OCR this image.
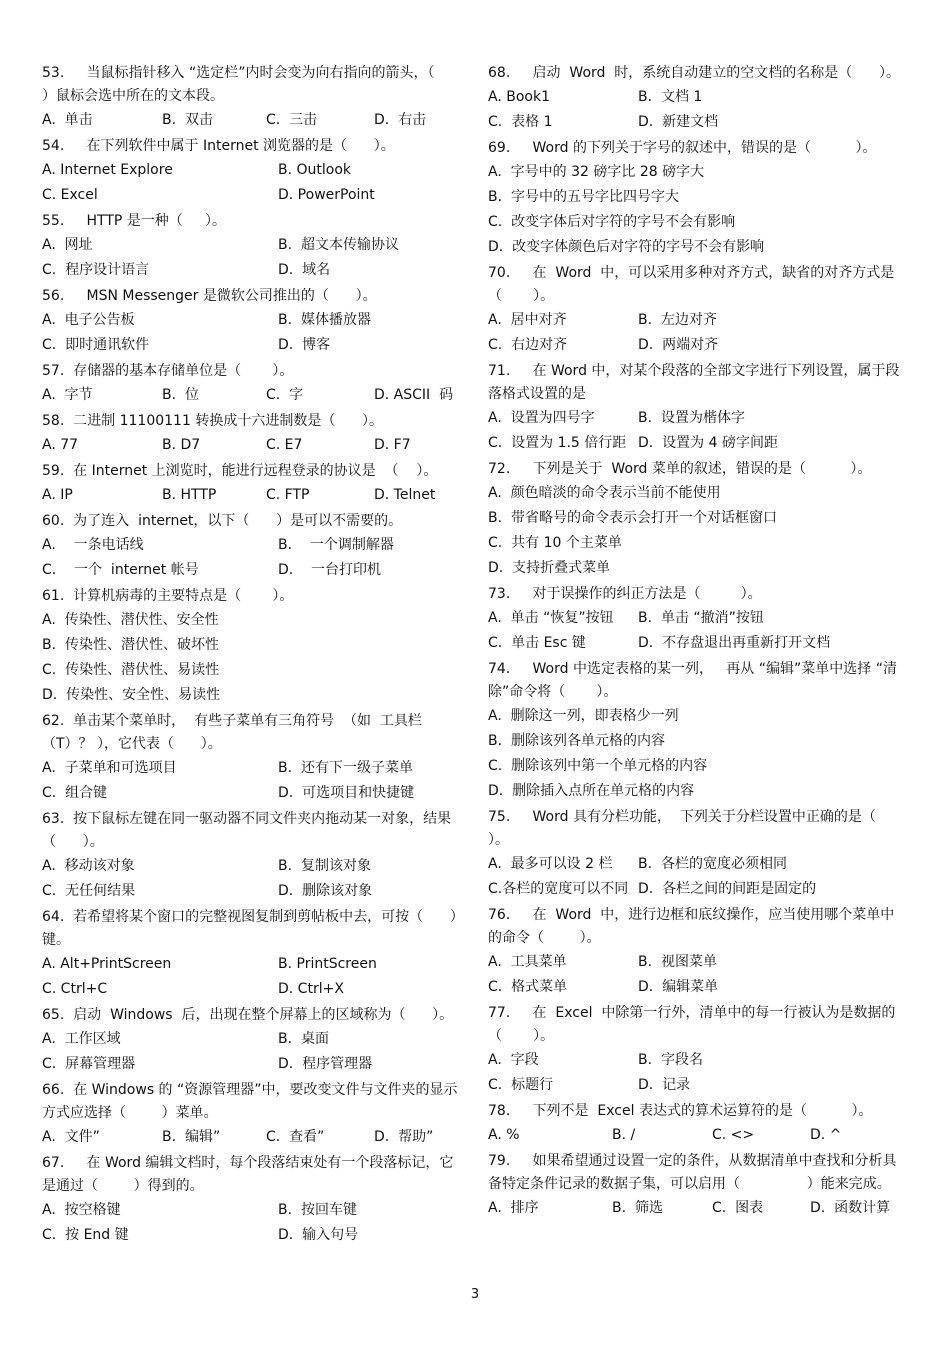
53.     当鼠标指针移入 “选定栏”内时会变为向右指向的箭头，（     ）鼠标会选中所在的文本段。
A.  单击	B.  双击	C.  三击	D.  右击
54.     在下列软件中属于 Internet 浏览器的是（      ）。
A. Internet Explore	B. Outlook
C. Excel	D. PowerPoint
55.     HTTP 是一种（     ）。
A.  网址	B.  超文本传输协议
C.  程序设计语言	D.  域名
56.     MSN Messenger 是微软公司推出的（      ）。
A.  电子公告板	B.  媒体播放器
C.  即时通讯软件	D.  博客
57.  存储器的基本存储单位是（       ）。
A.  字节	B.  位	C.  字	D. ASCII  码
58.  二进制 11100111 转换成十六进制数是（      ）。
A. 77	B. D7	C. E7	D. F7
59.  在 Internet 上浏览时，能进行远程登录的协议是  （    ）。
A. IP	B. HTTP	C. FTP	D. Telnet
60.  为了连入  internet，以下（      ）是可以不需要的。
A.    一条电话线	B.    一个调制解器
C.    一个  internet 帐号	D.    一台打印机
61.  计算机病毒的主要特点是（       ）。
A.  传染性、潜伏性、安全性
B.  传染性、潜伏性、破坏性
C.  传染性、潜伏性、易读性
D.  传染性、安全性、易读性
62.  单击某个菜单时，  有些子菜单有三角符号  （如  工具栏（T）？ ），它代表（      ）。
A.  子菜单和可选项目	B.  还有下一级子菜单
C.  组合键	D.  可选项目和快捷键
63.  按下鼠标左键在同一驱动器不同文件夹内拖动某一对象，结果（      ）。
A.  移动该对象	B.  复制该对象
C.  无任何结果	D.  删除该对象
64.  若希望将某个窗口的完整视图复制到剪帖板中去，可按（      ）键。
A. Alt+PrintScreen	B. PrintScreen
C. Ctrl+C	D. Ctrl+X
65.  启动  Windows  后，出现在整个屏幕上的区域称为（      ）。
A.  工作区域	B.  桌面
C.  屏幕管理器	D.  程序管理器
66.  在 Windows 的 “资源管理器”中，要改变文件与文件夹的显示方式应选择（        ）菜单。
A.  文件”	B.  编辑”	C.  查看”	D.  帮助”
67.     在 Word 编辑文档时，每个段落结束处有一个段落标记，它是通过（        ）得到的。
A.  按空格键	B.  按回车键
C.  按 End 键	D.  输入句号
68.     启动  Word  时，系统自动建立的空文档的名称是（      ）。
A. Book1	B.  文档 1
C.  表格 1	D.  新建文档
69.     Word 的下列关于字号的叙述中，错误的是（          ）。
A.  字号中的 32 磅字比 28 磅字大
B.  字号中的五号字比四号字大
C.  改变字体后对字符的字号不会有影响
D.  改变字体颜色后对字符的字号不会有影响
70.     在  Word  中，可以采用多种对齐方式，缺省的对齐方式是（       ）。
A.  居中对齐	B.  左边对齐
C.  右边对齐	D.  两端对齐
71.     在 Word 中，对某个段落的全部文字进行下列设置，属于段落格式设置的是
A.  设置为四号字	B.  设置为楷体字
C.  设置为 1.5 倍行距 D.  设置为 4 磅字间距
72.     下列是关于  Word 菜单的叙述，错误的是（          ）。
A.  颜色暗淡的命令表示当前不能使用
B.  带省略号的命令表示会打开一个对话框窗口
C.  共有 10 个主菜单
D.  支持折叠式菜单
73.     对于误操作的纠正方法是（         ）。
A.  单击 “恢复”按钮	B.  单击 “撤消”按钮
C.  单击 Esc 键	D.  不存盘退出再重新打开文档
74.     Word 中选定表格的某一列，   再从 “编辑”菜单中选择 “清除”命令将（       ）。
A.  删除这一列，即表格少一列
B.  删除该列各单元格的内容
C.  删除该列中第一个单元格的内容
D.  删除插入点所在单元格的内容
75.     Word 具有分栏功能，  下列关于分栏设置中正确的是（       ）。
A.  最多可以设 2 栏	B.  各栏的宽度必须相同
C.各栏的宽度可以不同 D.  各栏之间的间距是固定的
76.     在  Word  中，进行边框和底纹操作，应当使用哪个菜单中的命令（        ）。
A.  工具菜单	B.  视图菜单
C.  格式菜单	D.  编辑菜单
77.     在  Excel  中除第一行外，清单中的每一行被认为是数据的（       ）。
A.  字段	B.  字段名
C.  标题行	D.  记录
78.     下列不是  Excel 表达式的算术运算符的是（          ）。
A. %	B. /	C. <>	D. ^
79.     如果希望通过设置一定的条件，从数据清单中查找和分析具备特定条件记录的数据子集，可以启用（               ）能来完成。
A.  排序	B.  筛选	C.  图表	D.  函数计算
3
